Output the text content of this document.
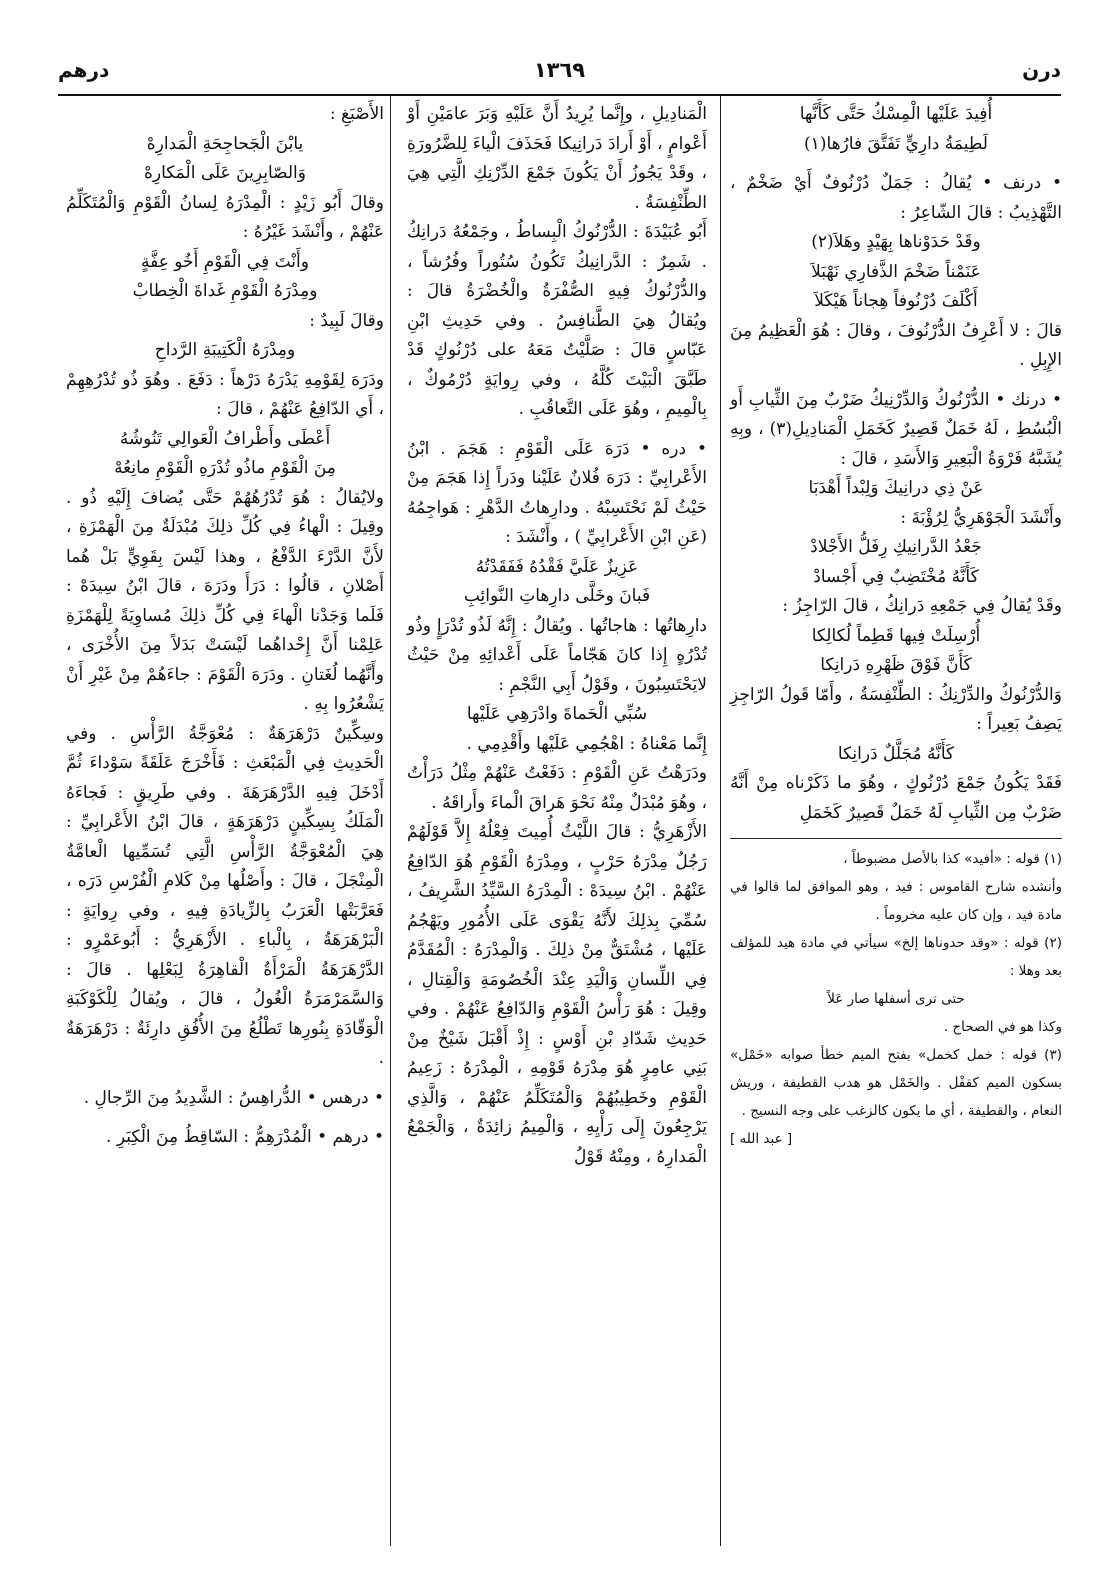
درن
١٣٦٩
درهم

أُفِيدَ عَلَيْها الْمِسْكُ حَتَّى كَأَنَّها

لَطِيمَةُ دارِيٍّ تَفَتَّقَ فارُها(١)

• درنف • يُقالُ : جَمَلٌ دُرْنُوفٌ أَيْ ضَخْمٌ ، التَّهْذِيبُ : قالَ الشّاعِرُ :

وقَدْ حَدَوْناها بِهَيْدٍ وهَلاَ(٢)

عَنَمْناً ضَخْمَ الذَّفارِي نَهْبَلاَ

أَكْلَفَ دُرْنُوفاً هِجاناً هَيْكَلاَ

قالَ : لا أَعْرِفُ الدُّرْنُوفَ ، وقالَ : هُوَ الْعَظِيمُ مِنَ الإِبِلِ .

• درنك • الدُّرْنُوكُ وَالدِّرْنِيكُ ضَرْبٌ مِنَ الثِّيابِ أَو الْبُسُطِ ، لَهُ خَمَلٌ قَصِيرٌ كَخَمَلِ الْمَنادِيلِ(٣) ، وبِهِ يُشَبَّهُ فَرْوَةُ الْبَعِيرِ وَالأَسَدِ ، قالَ :

عَنْ ذِي درانِيكَ وَلِبْداً أَهْدَبَا

وأَنْشَدَ الْجَوْهَرِيُّ لِرُؤْبَةَ :

جَعْدُ الدَّرانِيكِ رِفَلُّ الأَجْلادْ

كَأَنَّهُ مُخْتَضِبٌ فِي أَجْسادْ

وقَدْ يُقالُ فِي جَمْعِهِ دَرانِكُ ، قالَ الرّاجِزُ :

أُرْسِلَتْ فِيها قَطِماً لُكالِكا

كَأَنَّ فَوْقَ ظَهْرِهِ دَرانِكا

وَالدُّرْنُوكُ والدِّرْنِكُ : الطِّنْفِسَةُ ، وأَمّا قَولُ الرّاجِزِ يَصِفُ بَعِيراً :

كَأَنَّهُ مُجَلَّلٌ دَرانِكا

فَقَدْ يَكُونُ جَمْعَ دُرْنُوكٍ ، وهُوَ ما ذَكَرْناه مِنْ أَنَّهُ ضَرْبٌ مِن الثِّيابِ لَهُ خَمَلٌ قَصِيرٌ كَخَمَلِ

(١) قوله : «أفيد» كذا بالأصل مضبوطاً ،

وأنشده شارح القاموس : فيد ، وهو الموافق لما قالوا في مادة فيد ، وإن كان عليه مخروماً .

(٢) قوله : «وقد حدوناها إلخ» سيأتي في مادة هيد للمؤلف بعد وهلا :

حتى ترى أسفلها صار عَلاً

وكذا هو في الصحاح .

(٣) قوله : خمل كخمل» بفتح الميم خطأ صوابه «خَمْل» بسكون الميم كقفْل . والخَمْل هو هدب القطيفة ، وريش النعام ، والقطيفة ، أي ما يكون كالزغب على وجه النسيج .

[ عبد الله ]

الْمَنادِيلِ ، وإِنَّما يُرِيدُ أَنَّ عَلَيْهِ وَبَرَ عامَيْنِ أَوْ أَعْوامٍ ، أَوْ أَرادَ دَرانِيكا فَحَذَفَ الْياءَ لِلضَّرُورَةِ ، وقَدْ يَجُوزُ أَنْ يَكُونَ جَمْعَ الدِّرْنِكِ الَّتِي هِيَ الطِّنْفِسَةُ .

أَبُو عُبَيْدَةَ : الدُّرْنُوكُ الْبِساطُ ، وجَمْعُهُ دَرانِكُ . شَمِرٌ : الدَّرانِيكُ تَكُونُ سُتُوراً وفُرُشاً ، والدُّرْنُوكُ فِيهِ الصُّفْرَةُ والْخُضْرَةُ قالَ : ويُقالُ هِيَ الطَّنافِسُ . وفي حَدِيثِ ابْنِ عَبّاسٍ قالَ : صَلَّيْتُ مَعَهُ على دُرْنُوكٍ قَدْ طَبَّقَ الْبَيْتَ كُلَّهُ ، وفي رِوايَةٍ دُرْمُوكٌ ، بِالْمِيمِ ، وهُوَ عَلَى التَّعاقُبِ .

• دره • دَرَهَ عَلَى الْقَوْمِ : هَجَمَ . ابْنُ الأَعْرابِيِّ : دَرَهَ فُلانٌ عَلَيْنا ودَراً إِذا هَجَمَ مِنْ حَيْثُ لَمْ نَحْتَسِبْهُ . ودارِهاتُ الدَّهْرِ : هَواجِمُهُ (عَنِ ابْنِ الأَعْرابِيِّ ) ، وأَنْشَدَ :

عَزِيزٌ عَلَيَّ فَقْدُهُ فَفَقَدْتُهُ

فَبانَ وخَلَّى دارِهاتِ النَّوائِبِ

دارِهاتُها : هاجاتُها . ويُقالُ : إِنَّهُ لَذُو تُدْرَإٍ وذُو تُدْرُهٍ إِذا كانَ هَجّاماً عَلَى أَعْدائِهِ مِنْ حَيْثُ لايَحْتَسِبُونَ ، وقَوْلُ أَبِي النَّجْمِ :

سُبِّي الْحَماةَ وادْرَهِي عَلَيْها

إِنَّما مَعْناهُ : اهْجُمِي عَلَيْها وأَقْدِمِي .

ودَرَهْتُ عَنِ الْقَوْمِ : دَفَعْتُ عَنْهُمْ مِثْلُ دَرَأْتُ ، وهُوَ مُبْدَلٌ مِنْهُ نَحْوَ هَراقَ الْماءَ وأَراقَهُ .

الأَزْهَرِيُّ : قالَ اللَّيْثُ أُمِيتَ فِعْلُهُ إِلاَّ قَوْلَهُمْ رَجُلٌ مِدْرَهُ حَرْبٍ ، ومِدْرَهُ الْقَوْمِ هُوَ الدّافِعُ عَنْهُمْ . ابْنُ سِيدَهْ : الْمِدْرَهُ السَّيِّدُ الشَّرِيفُ ، سُمِّيَ بِذلِكَ لأَنَّهُ يَقْوَى عَلَى الأُمُورِ ويَهْجُمُ عَلَيْها ، مُشْتَقٌّ مِنْ ذلِكَ . وَالْمِدْرَهُ : الْمُقَدَّمُ فِي اللِّسانِ وَالْيَدِ عِنْدَ الْخُصُومَةِ وَالْقِتالِ ، وقِيلَ : هُوَ رَأْسُ الْقَوْمِ وَالدّافِعُ عَنْهُمْ . وفي حَدِيثِ شَدّادِ بْنِ أَوْسٍ : إِذْ أَقْبَلَ شَيْخٌ مِنْ بَنِي عامِرٍ هُوَ مِدْرَهُ قَوْمِهِ ، الْمِدْرَهُ : زَعِيمُ الْقَوْمِ وخَطِيبُهُمْ وَالْمُتَكَلِّمُ عَنْهُمْ ، وَالَّذِي يَرْجِعُونَ إِلَى رَأْيِهِ ، وَالْمِيمُ زائِدَةٌ ، وَالْجَمْعُ الْمَدارِهُ ، ومِنْهُ قَوْلُ

الأَصْبَغِ :

يابْنَ الْجَحاجِحَةِ الْمَدارِهْ

وَالصّابِرِينَ عَلَى الْمَكارِهْ

وقالَ أَبُو زَيْدٍ : الْمِدْرَهُ لِسانُ الْقَوْمِ وَالْمُتَكَلِّمُ عَنْهُمْ ، وأَنْشَدَ غَيْرُهُ :

وأَنْتَ فِي الْقَوْمِ أَخُو عِفَّةٍ

ومِدْرَهُ الْقَوْمِ غَداةَ الْخِطابْ

وقالَ لَبِيدٌ :

ومِدْرَهُ الْكَتِيبَةِ الرَّداحِ

ودَرَهَ لِقَوْمِهِ يَدْرَهُ دَرْهاً : دَفَعَ . وهُوَ ذُو تُدْرُهِهِمْ ، أَي الدّافِعُ عَنْهُمْ ، قالَ :

أَعْطَى وأَطْرافُ الْعَوالِي تَنُوشُهُ

مِنَ الْقَوْمِ ماذُو تُدْرَهِ الْقَوْمِ مانِعُهْ

ولايُقالُ : هُوَ تُدْرُهُهُمْ حَتَّى يُضافَ إِلَيْهِ ذُو . وقِيلَ : الْهاءُ فِي كُلِّ ذلِكَ مُبْدَلَةٌ مِنَ الْهَمْزَةِ ، لأَنَّ الدَّرْءَ الدَّفْعُ ، وهذا لَيْسَ بِقَوِيٍّ بَلْ هُما أَصْلانِ ، قالُوا : دَرَأَ ودَرَهَ ، قالَ ابْنُ سِيدَهْ : فَلَما وَجَدْنا الْهاءَ فِي كُلِّ ذلِكَ مُساوِيَةً لِلْهَمْزَةِ عَلِمْنا أَنَّ إِحْداهُما لَيْسَتْ بَدَلاً مِنَ الأُخْرَى ، وأَنَّهُما لُغَتانِ . ودَرَهَ الْقَوْمَ : جاءَهُمْ مِنْ غَيْرِ أَنْ يَشْعُرُوا بِهِ .

وسِكِّينٌ دَرْهَرَهَةٌ : مُعْوَجَّةُ الرَّأْسِ . وفي الْحَدِيثِ فِي الْمَبْعَثِ : فَأَخْرَجَ عَلَقَةً سَوْداءَ ثُمَّ أَدْخَلَ فِيهِ الدَّرْهَرَهَةَ . وفي طَرِيقٍ : فَجاءَهُ الْمَلَكُ بِسِكِّينٍ دَرْهَرَهَةٍ ، قالَ ابْنُ الأَعْرابِيِّ : هِيَ الْمُعْوَجَّةُ الرَّأْسِ الَّتِي تُسَمِّيها الْعامَّةُ الْمِنْجَلَ ، قالَ : وأَصْلُها مِنْ كَلامِ الْفُرْسِ دَرَه ، فَعَرَّبَتْها الْعَرَبُ بِالزِّيادَةِ فِيهِ ، وفي رِوايَةٍ : الْبَرْهَرَهَةُ ، بِالْباءِ . الأَزْهَرِيُّ : أَبُوعَمْرٍو : الدَّرْهَرَهَةُ الْمَرْأَةُ الْقاهِرَةُ لِبَعْلِها . قالَ : وَالسَّمَرْمَرَةُ الْغُولُ ، قالَ ، ويُقالُ لِلْكَوْكَبَةِ الْوَقّادَةِ بِنُورِها تَطْلُعُ مِنَ الأُفُقِ دارِئَةٌ : دَرْهَرَهَةٌ .

• درهس • الدُّراهِسُ : الشَّدِيدُ مِنَ الرِّجالِ .

• درهم • الْمُدْرَهِمُّ : السّاقِطُ مِنَ الْكِبَرِ .
